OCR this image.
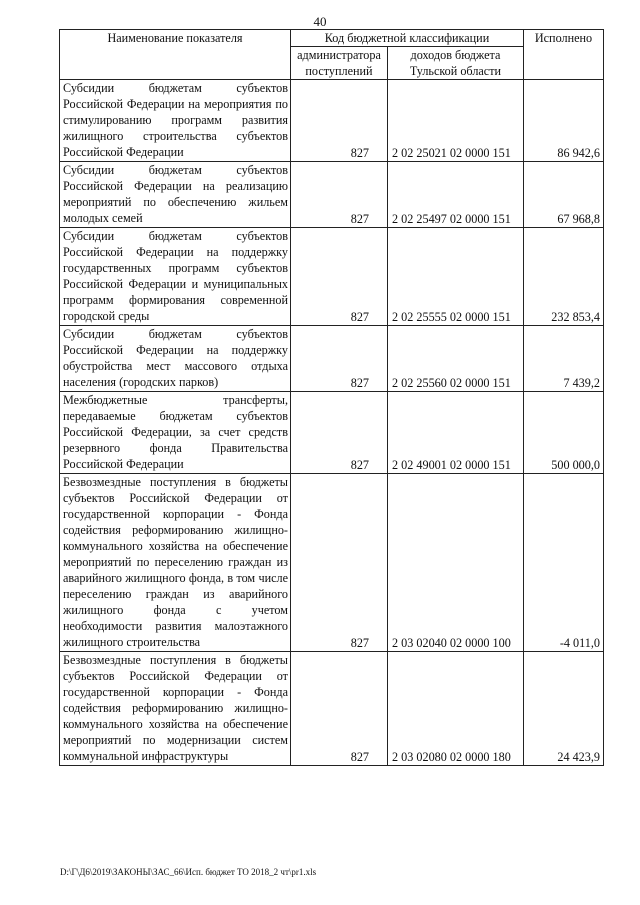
40
Наименование показателя	Код бюджетной классификации		Исполнено
	администратора поступлений	доходов бюджета Тульской области	
Субсидии бюджетам субъектов Российской Федерации на мероприятия по стимулированию программ развития жилищного строительства субъектов Российской Федерации	827	2 02 25021 02 0000 151	86 942,6
Субсидии бюджетам субъектов Российской Федерации на реализацию мероприятий по обеспечению жильем молодых семей	827	2 02 25497 02 0000 151	67 968,8
Субсидии бюджетам субъектов Российской Федерации на поддержку государственных программ субъектов Российской Федерации и муниципальных программ формирования современной городской среды	827	2 02 25555 02 0000 151	232 853,4
Субсидии бюджетам субъектов Российской Федерации на поддержку обустройства мест массового отдыха населения (городских парков)	827	2 02 25560 02 0000 151	7 439,2
Межбюджетные трансферты, передаваемые бюджетам субъектов Российской Федерации, за счет средств резервного фонда Правительства Российской Федерации	827	2 02 49001 02 0000 151	500 000,0
Безвозмездные поступления в бюджеты субъектов Российской Федерации от государственной корпорации - Фонда содействия реформированию жилищно-коммунального хозяйства на обеспечение мероприятий по переселению граждан из аварийного жилищного фонда, в том числе переселению граждан из аварийного жилищного фонда с учетом необходимости развития малоэтажного жилищного строительства	827	2 03 02040 02 0000 100	-4 011,0
Безвозмездные поступления в бюджеты субъектов Российской Федерации от государственной корпорации - Фонда содействия реформированию жилищно-коммунального хозяйства на обеспечение мероприятий по модернизации систем коммунальной инфраструктуры	827	2 03 02080 02 0000 180	24 423,9
D:\Г\Д6\2019\ЗАКОНЫ\ЗАС_66\Исп. бюджет ТО 2018_2 чт\pr1.xls
